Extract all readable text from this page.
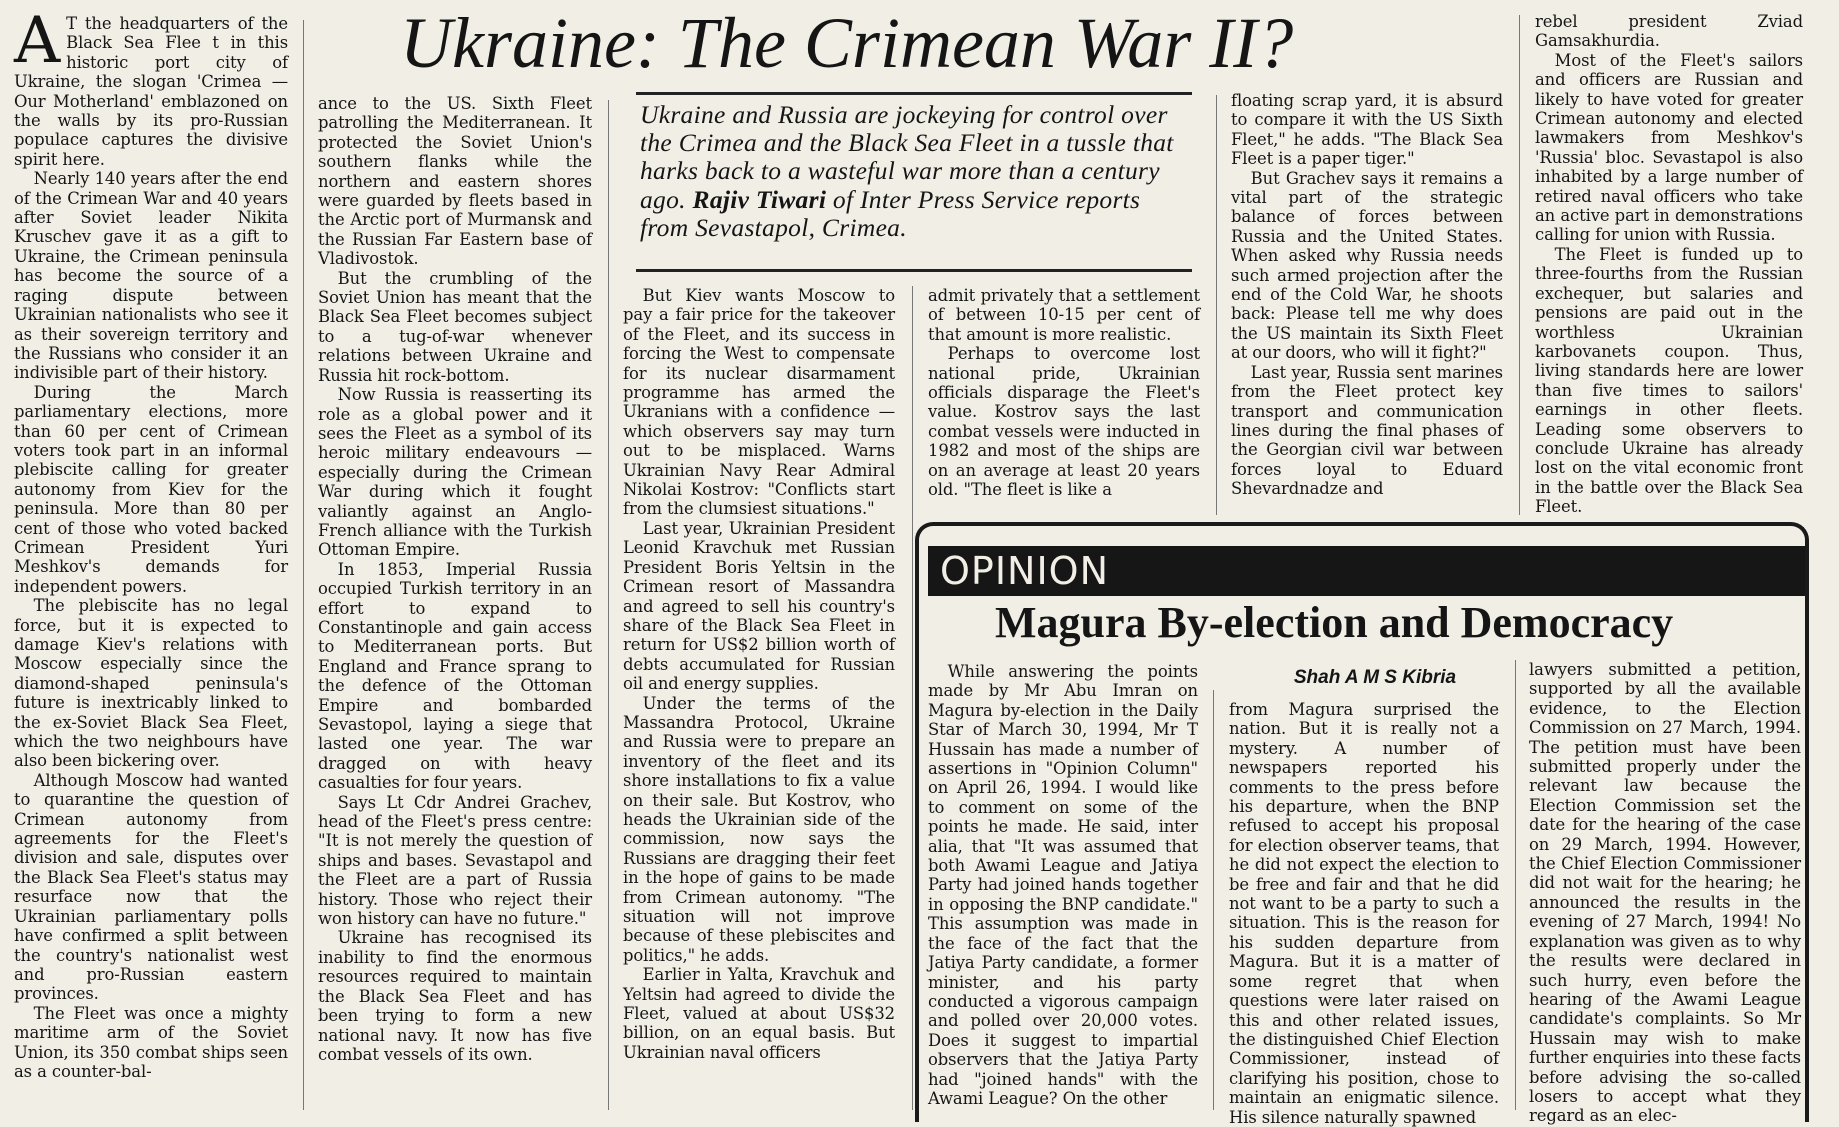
Ukraine: The Crimean War II?
Ukraine and Russia are jockeying for control over the Crimea and the Black Sea Fleet in a tussle that harks back to a wasteful war more than a century ago. Rajiv Tiwari of Inter Press Service reports from Sevastapol, Crimea.
A T the headquarters of the Black Sea Flee t in this historic port city of Ukraine, the slogan 'Crimea — Our Motherland' emblazoned on the walls by its pro-Russian populace captures the divisive spirit here.

Nearly 140 years after the end of the Crimean War and 40 years after Soviet leader Nikita Kruschev gave it as a gift to Ukraine, the Crimean peninsula has become the source of a raging dispute between Ukrainian nationalists who see it as their sovereign territory and the Russians who consider it an indivisible part of their history.

During the March parliamentary elections, more than 60 per cent of Crimean voters took part in an informal plebiscite calling for greater autonomy from Kiev for the peninsula. More than 80 per cent of those who voted backed Crimean President Yuri Meshkov's demands for independent powers.

The plebiscite has no legal force, but it is expected to damage Kiev's relations with Moscow especially since the diamond-shaped peninsula's future is inextricably linked to the ex-Soviet Black Sea Fleet, which the two neighbours have also been bickering over.

Although Moscow had wanted to quarantine the question of Crimean autonomy from agreements for the Fleet's division and sale, disputes over the Black Sea Fleet's status may resurface now that the Ukrainian parliamentary polls have confirmed a split between the country's nationalist west and pro-Russian eastern provinces.

The Fleet was once a mighty maritime arm of the Soviet Union, its 350 combat ships seen as a counter-bal-

ance to the US. Sixth Fleet patrolling the Mediterranean. It protected the Soviet Union's southern flanks while the northern and eastern shores were guarded by fleets based in the Arctic port of Murmansk and the Russian Far Eastern base of Vladivostok.

But the crumbling of the Soviet Union has meant that the Black Sea Fleet becomes subject to a tug-of-war whenever relations between Ukraine and Russia hit rock-bottom.

Now Russia is reasserting its role as a global power and it sees the Fleet as a symbol of its heroic military endeavours — especially during the Crimean War during which it fought valiantly against an Anglo-French alliance with the Turkish Ottoman Empire.

In 1853, Imperial Russia occupied Turkish territory in an effort to expand to Constantinople and gain access to Mediterranean ports. But England and France sprang to the defence of the Ottoman Empire and bombarded Sevastopol, laying a siege that lasted one year. The war dragged on with heavy casualties for four years.

Says Lt Cdr Andrei Grachev, head of the Fleet's press centre: "It is not merely the question of ships and bases. Sevastapol and the Fleet are a part of Russia history. Those who reject their won history can have no future."

Ukraine has recognised its inability to find the enormous resources required to maintain the Black Sea Fleet and has been trying to form a new national navy. It now has five combat vessels of its own.

But Kiev wants Moscow to pay a fair price for the takeover of the Fleet, and its success in forcing the West to compensate for its nuclear disarmament programme has armed the Ukranians with a confidence — which observers say may turn out to be misplaced. Warns Ukrainian Navy Rear Admiral Nikolai Kostrov: "Conflicts start from the clumsiest situations."

Last year, Ukrainian President Leonid Kravchuk met Russian President Boris Yeltsin in the Crimean resort of Massandra and agreed to sell his country's share of the Black Sea Fleet in return for US$2 billion worth of debts accumulated for Russian oil and energy supplies.

Under the terms of the Massandra Protocol, Ukraine and Russia were to prepare an inventory of the fleet and its shore installations to fix a value on their sale. But Kostrov, who heads the Ukrainian side of the commission, now says the Russians are dragging their feet in the hope of gains to be made from Crimean autonomy. "The situation will not improve because of these plebiscites and politics," he adds.

Earlier in Yalta, Kravchuk and Yeltsin had agreed to divide the Fleet, valued at about US$32 billion, on an equal basis. But Ukrainian naval officers

admit privately that a settlement of between 10-15 per cent of that amount is more realistic.

Perhaps to overcome lost national pride, Ukrainian officials disparage the Fleet's value. Kostrov says the last combat vessels were inducted in 1982 and most of the ships are on an average at least 20 years old. "The fleet is like a

floating scrap yard, it is absurd to compare it with the US Sixth Fleet," he adds. "The Black Sea Fleet is a paper tiger."

But Grachev says it remains a vital part of the strategic balance of forces between Russia and the United States. When asked why Russia needs such armed projection after the end of the Cold War, he shoots back: Please tell me why does the US maintain its Sixth Fleet at our doors, who will it fight?"

Last year, Russia sent marines from the Fleet protect key transport and communication lines during the final phases of the Georgian civil war between forces loyal to Eduard Shevardnadze and

rebel president Zviad Gamsakhurdia.

Most of the Fleet's sailors and officers are Russian and likely to have voted for greater Crimean autonomy and elected lawmakers from Meshkov's 'Russia' bloc. Sevastapol is also inhabited by a large number of retired naval officers who take an active part in demonstrations calling for union with Russia.

The Fleet is funded up to three-fourths from the Russian exchequer, but salaries and pensions are paid out in the worthless Ukrainian karbovanets coupon. Thus, living standards here are lower than five times to sailors' earnings in other fleets. Leading some observers to conclude Ukraine has already lost on the vital economic front in the battle over the Black Sea Fleet.

OPINION
Magura By-election and Democracy
Shah A M S Kibria

While answering the points made by Mr Abu Imran on Magura by-election in the Daily Star of March 30, 1994, Mr T Hussain has made a number of assertions in "Opinion Column" on April 26, 1994. I would like to comment on some of the points he made. He said, inter alia, that "It was assumed that both Awami League and Jatiya Party had joined hands together in opposing the BNP candidate." This assumption was made in the face of the fact that the Jatiya Party candidate, a former minister, and his party conducted a vigorous campaign and polled over 20,000 votes. Does it suggest to impartial observers that the Jatiya Party had "joined hands" with the Awami League? On the other

from Magura surprised the nation. But it is really not a mystery. A number of newspapers reported his comments to the press before his departure, when the BNP refused to accept his proposal for election observer teams, that he did not expect the election to be free and fair and that he did not want to be a party to such a situation. This is the reason for his sudden departure from Magura. But it is a matter of some regret that when questions were later raised on this and other related issues, the distinguished Chief Election Commissioner, instead of clarifying his position, chose to maintain an enigmatic silence. His silence naturally spawned

lawyers submitted a petition, supported by all the available evidence, to the Election Commission on 27 March, 1994. The petition must have been submitted properly under the relevant law because the Election Commission set the date for the hearing of the case on 29 March, 1994. However, the Chief Election Commissioner did not wait for the hearing; he announced the results in the evening of 27 March, 1994! No explanation was given as to why the results were declared in such hurry, even before the hearing of the Awami League candidate's complaints. So Mr Hussain may wish to make further enquiries into these facts before advising the so-called losers to accept what they regard as an elec-
